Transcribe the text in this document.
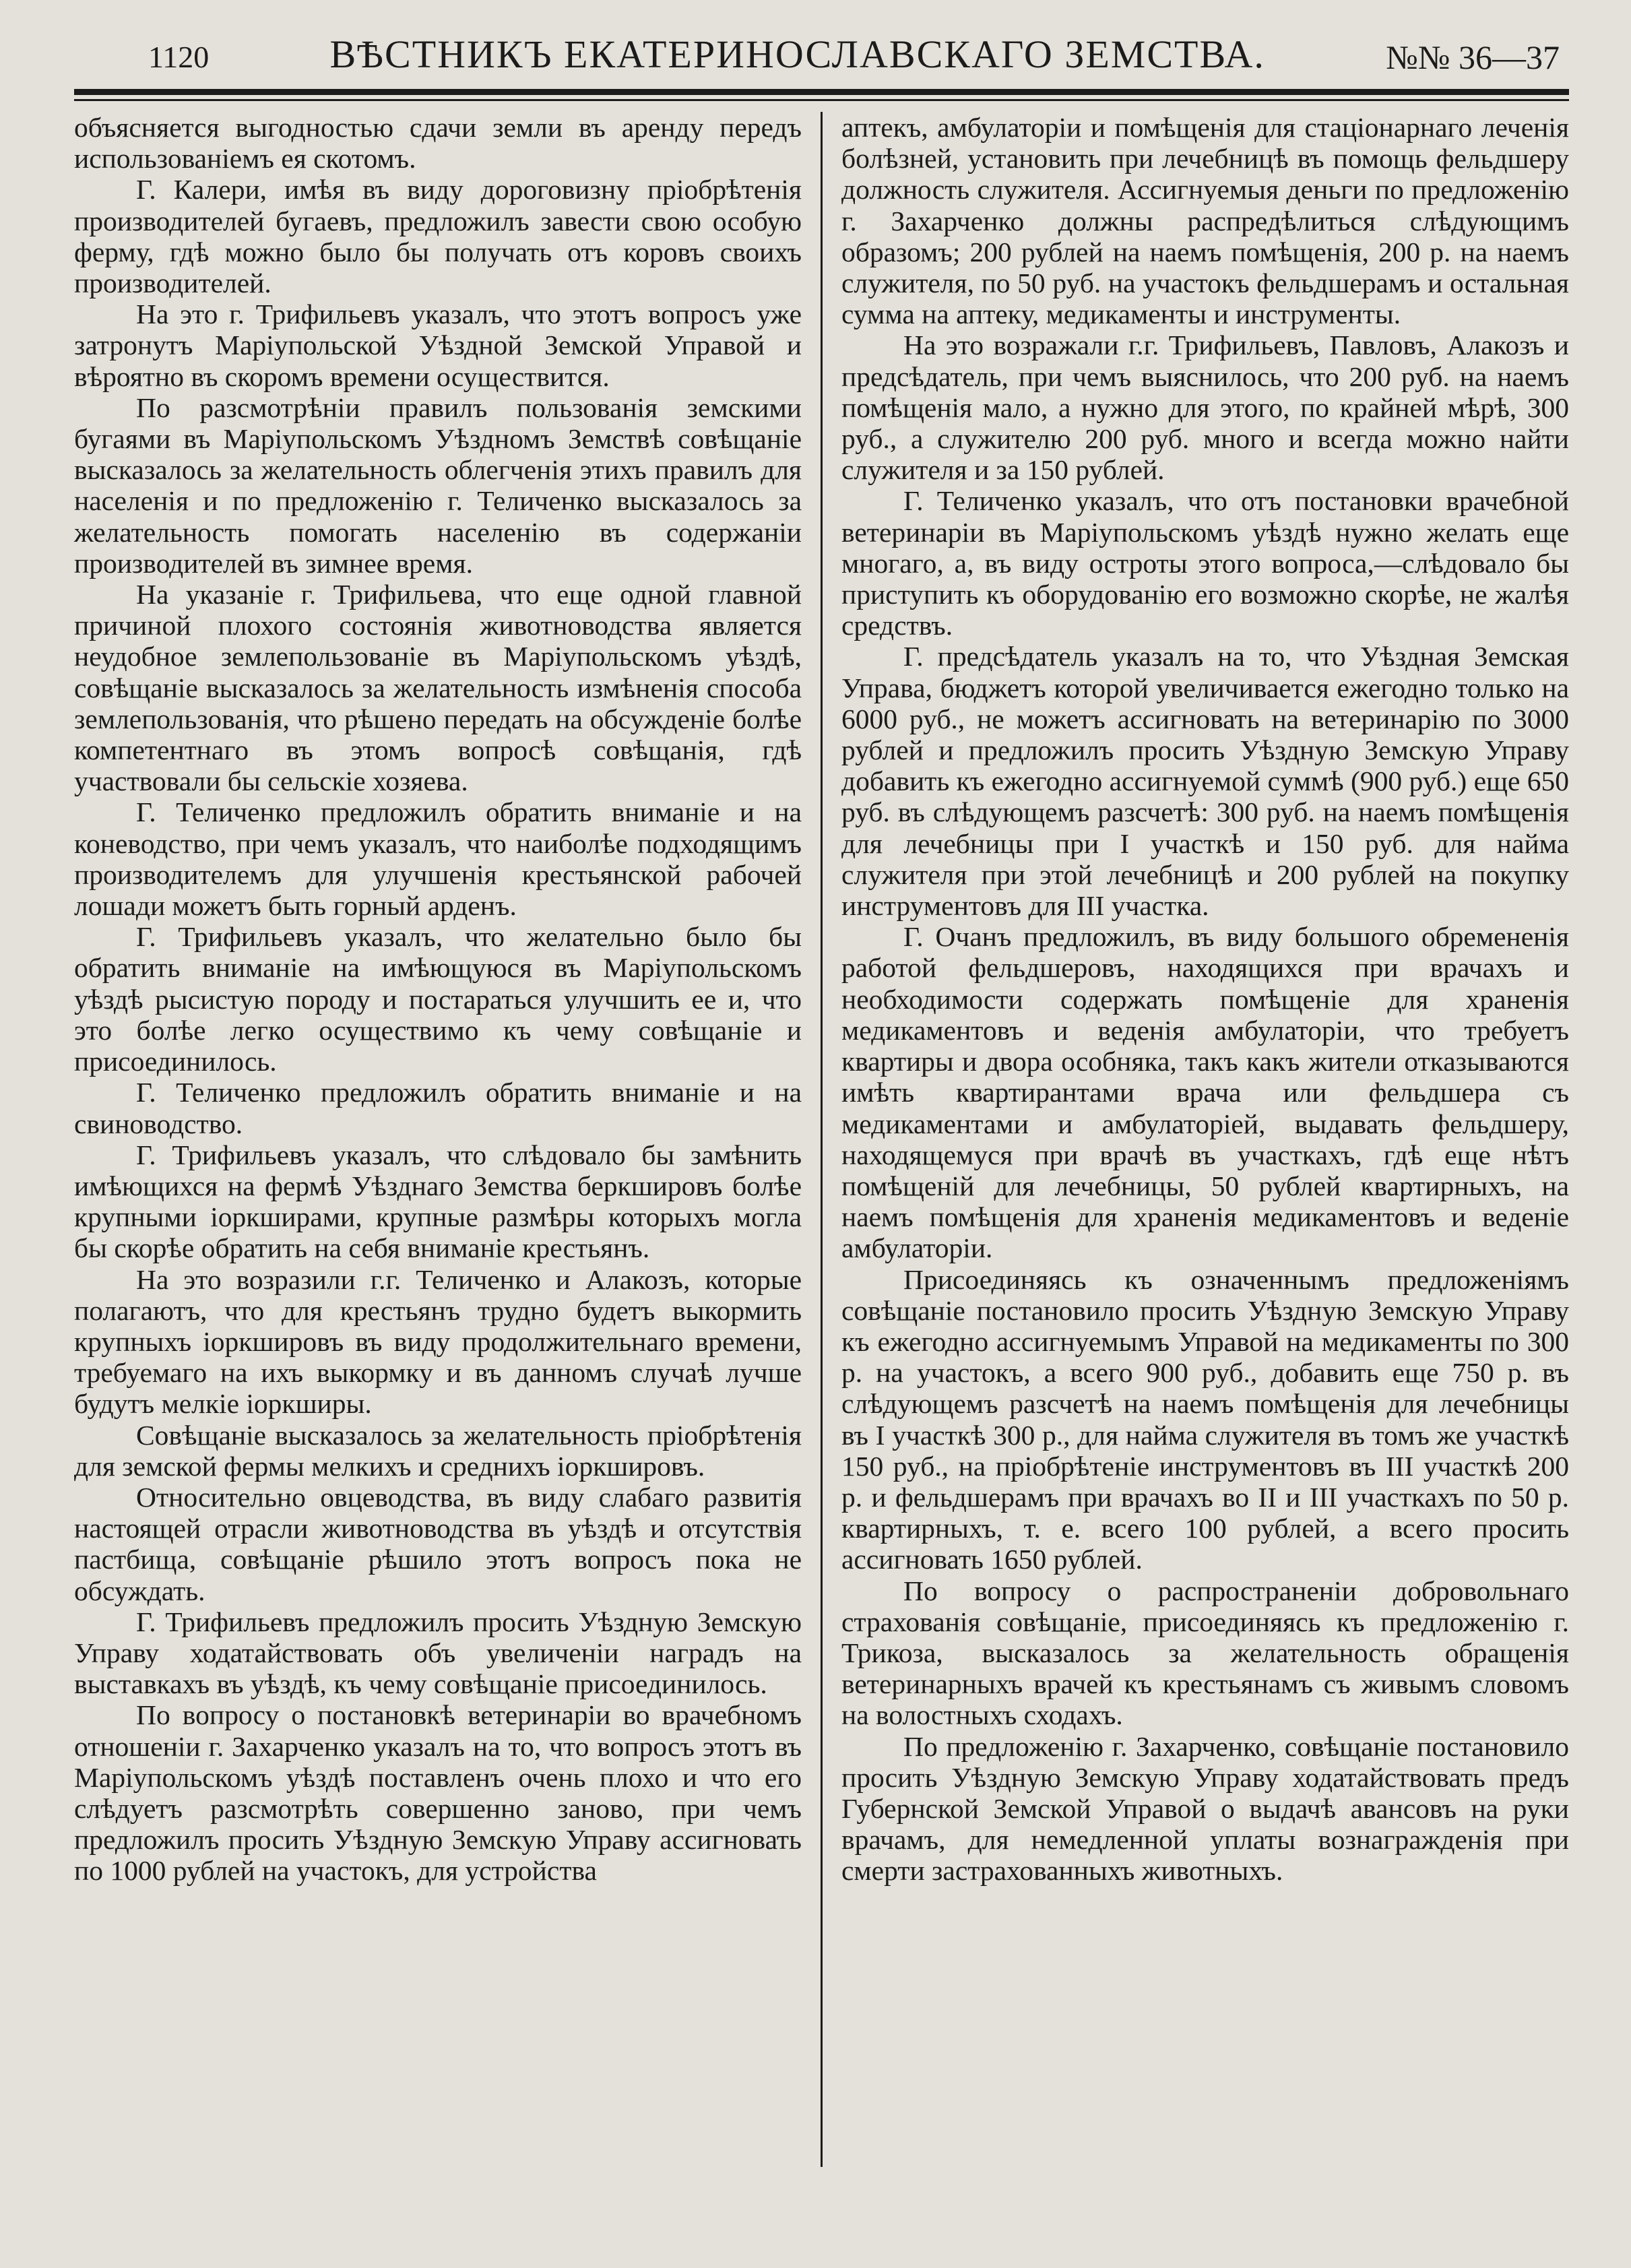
1120	ВѢСТНИКЪ ЕКАТЕРИНОСЛАВСКАГО ЗЕМСТВА.	№№ 36—37

объясняется выгодностью сдачи земли въ аренду передъ использованiемъ ея скотомъ.

Г. Калери, имѣя въ виду дороговизну прiобрѣтенiя производителей бугаевъ, предложилъ завести свою особую ферму, гдѣ можно было бы получать отъ коровъ своихъ производителей.

На это г. Трифильевъ указалъ, что этотъ вопросъ уже затронутъ Марiупольской Уѣздной Земской Управой и вѣроятно въ скоромъ времени осуществится.

По разсмотрѣнiи правилъ пользованiя земскими бугаями въ Марiупольскомъ Уѣздномъ Земствѣ совѣщанiе высказалось за желательность облегченiя этихъ правилъ для населенiя и по предложенiю г. Теличенко высказалось за желательность помогать населенiю въ содержанiи производителей въ зимнее время.

На указанiе г. Трифильева, что еще одной главной причиной плохого состоянiя животноводства является неудобное землепользованiе въ Марiупольскомъ уѣздѣ, совѣщанiе высказалось за желательность измѣненiя способа землепользованiя, что рѣшено передать на обсужденiе болѣе компетентнаго въ этомъ вопросѣ совѣщанiя, гдѣ участвовали бы сельскiе хозяева.

Г. Теличенко предложилъ обратить вниманiе и на коневодство, при чемъ указалъ, что наиболѣе подходящимъ производителемъ для улучшенiя крестьянской рабочей лошади можетъ быть горный арденъ.

Г. Трифильевъ указалъ, что желательно было бы обратить вниманiе на имѣющуюся въ Марiупольскомъ уѣздѣ рысистую породу и постараться улучшить ее и, что это болѣе легко осуществимо къ чему совѣщанiе и присоединилось.

Г. Теличенко предложилъ обратить вниманiе и на свиноводство.

Г. Трифильевъ указалъ, что слѣдовало бы замѣнить имѣющихся на фермѣ Уѣзднаго Земства беркшировъ болѣе крупными iоркширами, крупные размѣры которыхъ могла бы скорѣе обратить на себя вниманiе крестьянъ.

На это возразили г.г. Теличенко и Алакозъ, которые полагаютъ, что для крестьянъ трудно будетъ выкормить крупныхъ iоркшировъ въ виду продолжительнаго времени, требуемаго на ихъ выкормку и въ данномъ случаѣ лучше будутъ мелкiе iоркширы.

Совѣщанiе высказалось за желательность прiобрѣтенiя для земской фермы мелкихъ и среднихъ iоркшировъ.

Относительно овцеводства, въ виду слабаго развитiя настоящей отрасли животноводства въ уѣздѣ и отсутствiя пастбища, совѣщанiе рѣшило этотъ вопросъ пока не обсуждать.

Г. Трифильевъ предложилъ просить Уѣздную Земскую Управу ходатайствовать объ увеличенiи наградъ на выставкахъ въ уѣздѣ, къ чему совѣщанiе присоединилось.

По вопросу о постановкѣ ветеринарiи во врачебномъ отношенiи г. Захарченко указалъ на то, что вопросъ этотъ въ Марiупольскомъ уѣздѣ поставленъ очень плохо и что его слѣдуетъ разсмотрѣть совершенно заново, при чемъ предложилъ просить Уѣздную Земскую Управу ассигновать по 1000 рублей на участокъ, для устройства

аптекъ, амбулаторiи и помѣщенiя для стацiонарнаго леченiя болѣзней, установить при лечебницѣ въ помощь фельдшеру должность служителя. Ассигнуемыя деньги по предложенiю г. Захарченко должны распредѣлиться слѣдующимъ образомъ; 200 рублей на наемъ помѣщенiя, 200 р. на наемъ служителя, по 50 руб. на участокъ фельдшерамъ и остальная сумма на аптеку, медикаменты и инструменты.

На это возражали г.г. Трифильевъ, Павловъ, Алакозъ и предсѣдатель, при чемъ выяснилось, что 200 руб. на наемъ помѣщенiя мало, а нужно для этого, по крайней мѣрѣ, 300 руб., а служителю 200 руб. много и всегда можно найти служителя и за 150 рублей.

Г. Теличенко указалъ, что отъ постановки врачебной ветеринарiи въ Марiупольскомъ уѣздѣ нужно желать еще многаго, а, въ виду остроты этого вопроса,—слѣдовало бы приступить къ оборудованiю его возможно скорѣе, не жалѣя средствъ.

Г. предсѣдатель указалъ на то, что Уѣздная Земская Управа, бюджетъ которой увеличивается ежегодно только на 6000 руб., не можетъ ассигновать на ветеринарiю по 3000 рублей и предложилъ просить Уѣздную Земскую Управу добавить къ ежегодно ассигнуемой суммѣ (900 руб.) еще 650 руб. въ слѣдующемъ разсчетѣ: 300 руб. на наемъ помѣщенiя для лечебницы при I участкѣ и 150 руб. для найма служителя при этой лечебницѣ и 200 рублей на покупку инструментовъ для III участка.

Г. Очанъ предложилъ, въ виду большого обремененiя работой фельдшеровъ, находящихся при врачахъ и необходимости содержать помѣщенiе для храненiя медикаментовъ и веденiя амбулаторiи, что требуетъ квартиры и двора особняка, такъ какъ жители отказываются имѣть квартирантами врача или фельдшера съ медикаментами и амбулаторiей, выдавать фельдшеру, находящемуся при врачѣ въ участкахъ, гдѣ еще нѣтъ помѣщенiй для лечебницы, 50 рублей квартирныхъ, на наемъ помѣщенiя для храненiя медикаментовъ и веденiе амбулаторiи.

Присоединяясь къ означеннымъ предложенiямъ совѣщанiе постановило просить Уѣздную Земскую Управу къ ежегодно ассигнуемымъ Управой на медикаменты по 300 р. на участокъ, а всего 900 руб., добавить еще 750 р. въ слѣдующемъ разсчетѣ на наемъ помѣщенiя для лечебницы въ I участкѣ 300 р., для найма служителя въ томъ же участкѣ 150 руб., на прiобрѣтенiе инструментовъ въ III участкѣ 200 р. и фельдшерамъ при врачахъ во II и III участкахъ по 50 р. квартирныхъ, т. е. всего 100 рублей, а всего просить ассигновать 1650 рублей.

По вопросу о распространенiи добровольнаго страхованiя совѣщанiе, присоединяясь къ предложенiю г. Трикоза, высказалось за желательность обращенiя ветеринарныхъ врачей къ крестьянамъ съ живымъ словомъ на волостныхъ сходахъ.

По предложенiю г. Захарченко, совѣщанiе постановило просить Уѣздную Земскую Управу ходатайствовать предъ Губернской Земской Управой о выдачѣ авансовъ на руки врачамъ, для немедленной уплаты вознагражденiя при смерти застрахованныхъ животныхъ.
